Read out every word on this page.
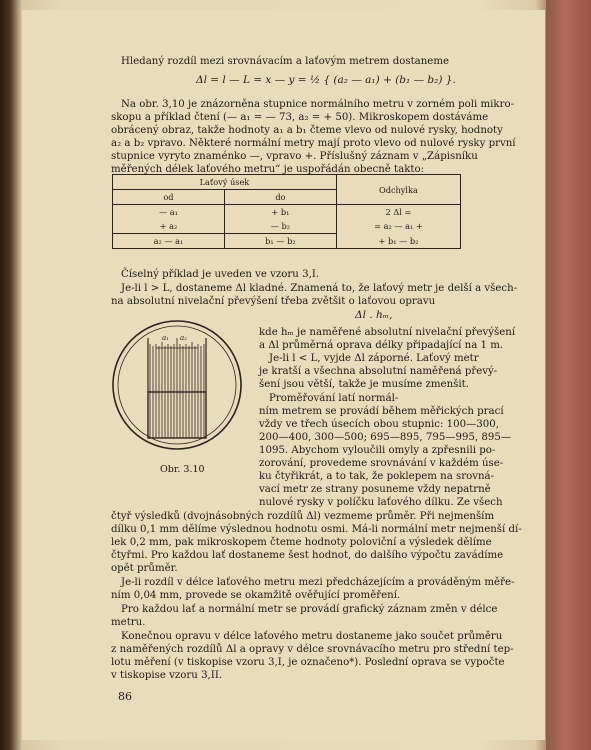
Hledaný rozdíl mezi srovnávacím a laťovým metrem dostaneme
Δl = l — L = x — y = ½ { (a₂ — a₁) + (b₁ — b₂) }.
Na obr. 3,10 je znázorněna stupnice normálního metru v zorném poli mikro-
skopu a příklad čtení (— a₁ = — 73, a₂ = + 50). Mikroskopem dostáváme
obrácený obraz, takže hodnoty a₁ a b₁ čteme vlevo od nulové rysky, hodnoty
a₂ a b₂ vpravo. Některé normální metry mají proto vlevo od nulové rysky první
stupnice vyryto znaménko —, vpravo +. Příslušný záznam v „Zápisníku
měřených délek laťového metru“ je uspořádán obecně takto:
Laťový úsek		Odchylka
od	do	
— a₁	+ b₁	2 Δl =
+ a₂	— b₂	= a₂ — a₁ +
a₂ — a₁	b₁ — b₂	+ b₁ — b₂
Číselný příklad je uveden ve vzoru 3,I.
Je-li l > L, dostaneme Δl kladné. Znamená to, že laťový metr je delší a všech-
na absolutní nivelační převýšení třeba zvětšit o laťovou opravu
Δl . hₘ,
a₁ a₂
Obr. 3.10
kde hₘ je naměřené absolutní nivelační převýšení
a Δl průměrná oprava délky připadající na 1 m.
Je-li l < L, vyjde Δl záporné. Laťový metr
je kratší a všechna absolutní naměřená převý-
šení jsou větší, takže je musíme zmenšit.
Proměřování latí normál-
ním metrem se provádí během měřických prací
vždy ve třech úsecích obou stupnic: 100—300,
200—400, 300—500; 695—895, 795—995, 895—
1095. Abychom vyloučili omyly a zpřesnili po-
zorování, provedeme srovnávání v každém úse-
ku čtyřikrát, a to tak, že poklepem na srovná-
vací metr ze strany posuneme vždy nepatrně
nulové rysky v políčku laťového dílku. Ze všech
čtyř výsledků (dvojnásobných rozdílů Δl) vezmeme průměr. Při nejmenším
dílku 0,1 mm dělíme výslednou hodnotu osmi. Má-li normální metr nejmenší dí-
lek 0,2 mm, pak mikroskopem čteme hodnoty poloviční a výsledek dělíme
čtyřmi. Pro každou lať dostaneme šest hodnot, do dalšího výpočtu zavádíme
opět průměr.
Je-li rozdíl v délce laťového metru mezi předcházejícím a prováděným měře-
ním 0,04 mm, provede se okamžitě ověřující proměření.
Pro každou lať a normální metr se provádí grafický záznam změn v délce
metru.
Konečnou opravu v délce laťového metru dostaneme jako součet průměru
z naměřených rozdílů Δl a opravy v délce srovnávacího metru pro střední tep-
lotu měření (v tiskopise vzoru 3,I, je označeno*). Poslední oprava se vypočte
v tiskopise vzoru 3,II.
86
